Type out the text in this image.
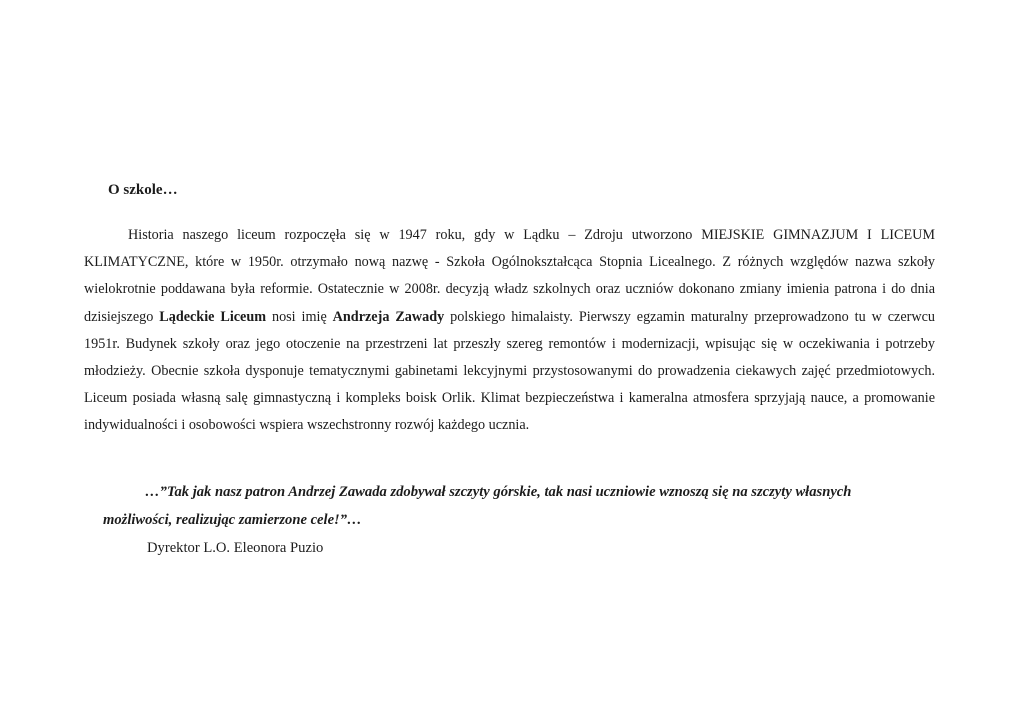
O szkole…
Historia naszego liceum rozpoczęła się w 1947 roku, gdy w Lądku – Zdroju utworzono MIEJSKIE GIMNAZJUM I LICEUM
KLIMATYCZNE, które w 1950r. otrzymało nową nazwę - Szkoła Ogólnokształcąca Stopnia Licealnego. Z różnych względów nazwa szkoły
wielokrotnie poddawana była reformie. Ostatecznie w 2008r. decyzją władz szkolnych oraz uczniów dokonano zmiany imienia patrona i do dnia
dzisiejszego Lądeckie Liceum nosi imię Andrzeja Zawady polskiego himalaisty. Pierwszy egzamin maturalny przeprowadzono tu w czerwcu
1951r. Budynek szkoły oraz jego otoczenie na przestrzeni lat przeszły szereg remontów i modernizacji, wpisując się w oczekiwania i potrzeby
młodzieży. Obecnie szkoła dysponuje tematycznymi gabinetami lekcyjnymi przystosowanymi do prowadzenia ciekawych zajęć przedmiotowych.
Liceum posiada własną salę gimnastyczną i kompleks boisk Orlik. Klimat bezpieczeństwa i kameralna atmosfera sprzyjają nauce, a promowanie
indywidualności i osobowości wspiera wszechstronny rozwój każdego ucznia.
…”Tak jak nasz patron Andrzej Zawada zdobywał szczyty górskie, tak nasi uczniowie wznoszą się na szczyty własnych
możliwości, realizując zamierzone cele!”…
Dyrektor L.O. Eleonora Puzio
